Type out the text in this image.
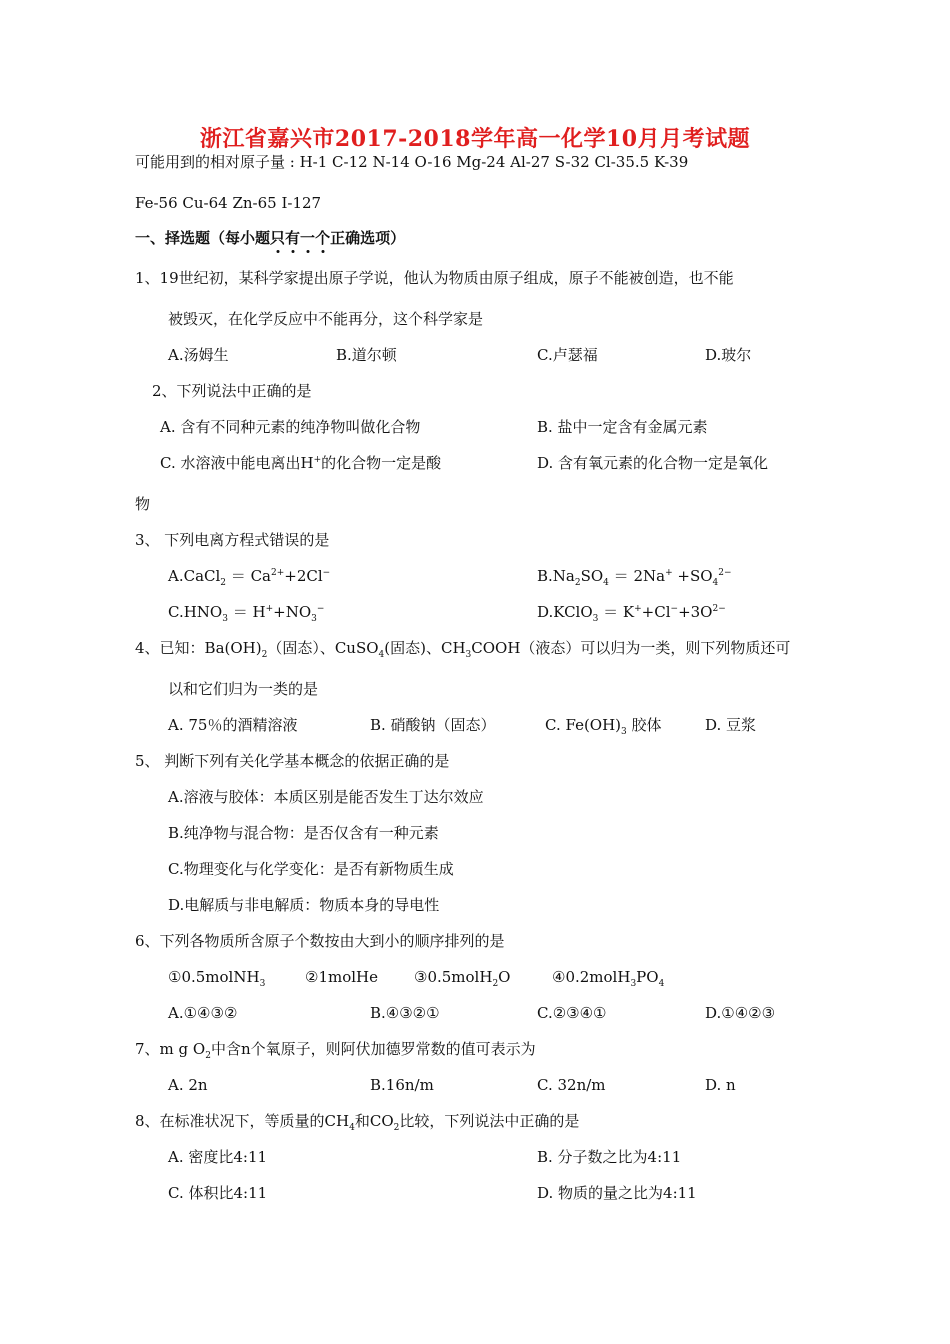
浙江省嘉兴市2017-2018学年高一化学10月月考试题
可能用到的相对原子量 : H-1 C-12 N-14 O-16 Mg-24 Al-27 S-32 Cl-35.5 K-39
Fe-56 Cu-64 Zn-65 I-127
一、择选题（每小题只有一个正确选项）
1、19世纪初，某科学家提出原子学说，他认为物质由原子组成，原子不能被创造，也不能
被毁灭，在化学反应中不能再分，这个科学家是
A.汤姆生	B.道尔顿	C.卢瑟福	D.玻尔
2、下列说法中正确的是
A. 含有不同种元素的纯净物叫做化合物	B. 盐中一定含有金属元素
C. 水溶液中能电离出H+的化合物一定是酸	D. 含有氧元素的化合物一定是氧化
物
3、 下列电离方程式错误的是
A.CaCl$_2$ ＝ $Ca^{2+}+2Cl^-$	$B.Na_2SO_4 = 2Na^+ +SO_4^{2-}$
$C.HNO_3 = H^++NO_3^-$	D.KClO$_3$ ＝ $K^++Cl^-+3O^{2-}$
4、已知：$Ba(OH)_2$（固态）、CuSO$_4$(固态)、$CH_3COOH$（液态）可以归为一类，则下列物质还可
以和它们归为一类的是
A. 75％的酒精溶液	B. 硝酸钠（固态）	C. $Fe(OH)_3$ 胶体	D. 豆浆
5、 判断下列有关化学基本概念的依据正确的是
A.溶液与胶体：本质区别是能否发生丁达尔效应
B.纯净物与混合物：是否仅含有一种元素
C.物理变化与化学变化：是否有新物质生成
D.电解质与非电解质：物质本身的导电性
6、下列各物质所含原子个数按由大到小的顺序排列的是
①0.5molNH$_3$	②1molHe ③0.5molH$_2$O	$④0.2molH_3PO_4$
A.①④③②	B.④③②①	C.②③④①	D.①④②③
7、m g $O_2$中含n个氧原子，则阿伏加德罗常数的值可表示为
A. 2n	B.16n/m	C. 32n/m	D. n
8、在标准状况下，等质量的$CH_4$和$CO_2$比较，下列说法中正确的是
A. 密度比4:11	B. 分子数之比为4:11
C. 体积比4:11	D. 物质的量之比为4:11
